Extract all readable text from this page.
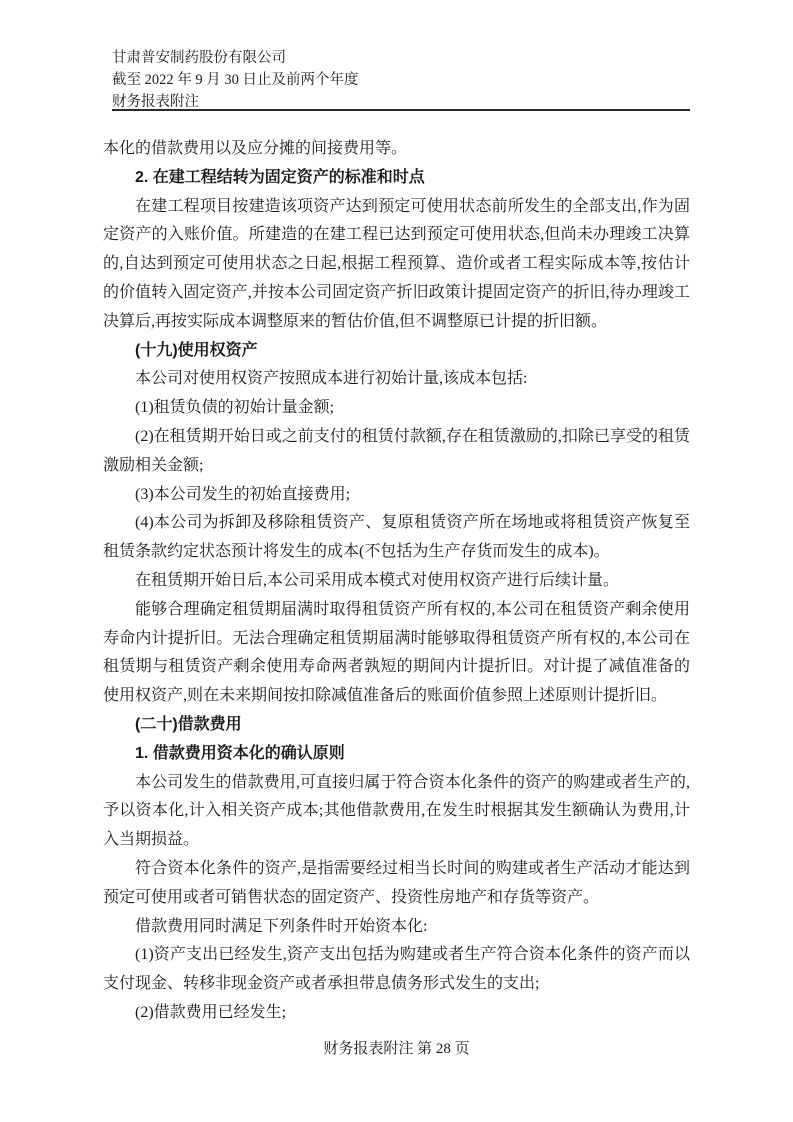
甘肃普安制药股份有限公司
截至 2022 年 9 月 30 日止及前两个年度
财务报表附注

本化的借款费用以及应分摊的间接费用等。

2. 在建工程结转为固定资产的标准和时点

在建工程项目按建造该项资产达到预定可使用状态前所发生的全部支出,作为固定资产的入账价值。所建造的在建工程已达到预定可使用状态,但尚未办理竣工决算的,自达到预定可使用状态之日起,根据工程预算、造价或者工程实际成本等,按估计的价值转入固定资产,并按本公司固定资产折旧政策计提固定资产的折旧,待办理竣工决算后,再按实际成本调整原来的暂估价值,但不调整原已计提的折旧额。

(十九)使用权资产

本公司对使用权资产按照成本进行初始计量,该成本包括:

(1)租赁负债的初始计量金额;

(2)在租赁期开始日或之前支付的租赁付款额,存在租赁激励的,扣除已享受的租赁激励相关金额;

(3)本公司发生的初始直接费用;

(4)本公司为拆卸及移除租赁资产、复原租赁资产所在场地或将租赁资产恢复至租赁条款约定状态预计将发生的成本(不包括为生产存货而发生的成本)。

在租赁期开始日后,本公司采用成本模式对使用权资产进行后续计量。

能够合理确定租赁期届满时取得租赁资产所有权的,本公司在租赁资产剩余使用寿命内计提折旧。无法合理确定租赁期届满时能够取得租赁资产所有权的,本公司在租赁期与租赁资产剩余使用寿命两者孰短的期间内计提折旧。对计提了减值准备的使用权资产,则在未来期间按扣除减值准备后的账面价值参照上述原则计提折旧。

(二十)借款费用

1. 借款费用资本化的确认原则

本公司发生的借款费用,可直接归属于符合资本化条件的资产的购建或者生产的,予以资本化,计入相关资产成本;其他借款费用,在发生时根据其发生额确认为费用,计入当期损益。

符合资本化条件的资产,是指需要经过相当长时间的购建或者生产活动才能达到预定可使用或者可销售状态的固定资产、投资性房地产和存货等资产。

借款费用同时满足下列条件时开始资本化:

(1)资产支出已经发生,资产支出包括为购建或者生产符合资本化条件的资产而以支付现金、转移非现金资产或者承担带息债务形式发生的支出;

(2)借款费用已经发生;

财务报表附注 第 28 页
